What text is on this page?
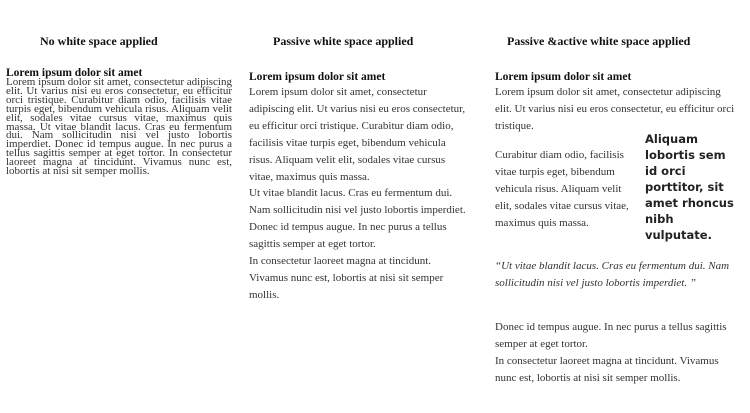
No white space applied
Lorem ipsum dolor sit amet
Lorem ipsum dolor sit amet, consectetur adipiscing elit. Ut varius nisi eu eros consectetur, eu efficitur orci tristique. Curabitur diam odio, facilisis vitae turpis eget, bibendum vehicula risus. Aliquam velit elit, sodales vitae cursus vitae, maximus quis massa. Ut vitae blandit lacus. Cras eu fermentum dui. Nam sollicitudin nisi vel justo lobortis imperdiet. Donec id tempus augue. In nec purus a tellus sagittis semper at eget tortor. In consectetur laoreet magna at tincidunt. Vivamus nunc est, lobortis at nisi sit semper mollis.
Passive white space applied
Lorem ipsum dolor sit amet
Lorem ipsum dolor sit amet, consectetur adipiscing elit. Ut varius nisi eu eros consectetur, eu efficitur orci tristique. Curabitur diam odio, facilisis vitae turpis eget, bibendum vehicula risus. Aliquam velit elit, sodales vitae cursus vitae, maximus quis massa.
Ut vitae blandit lacus. Cras eu fermentum dui. Nam sollicitudin nisi vel justo lobortis imperdiet. Donec id tempus augue. In nec purus a tellus sagittis semper at eget tortor.
In consectetur laoreet magna at tincidunt. Vivamus nunc est, lobortis at nisi sit semper mollis.
Passive &active white space applied
Lorem ipsum dolor sit amet
Lorem ipsum dolor sit amet, consectetur adipiscing elit. Ut varius nisi eu eros consectetur, eu efficitur orci tristique.
Curabitur diam odio, facilisis vitae turpis eget, bibendum vehicula risus. Aliquam velit elit, sodales vitae cursus vitae, maximus quis massa.
Aliquam lobortis sem id orci porttitor, sit amet rhoncus nibh vulputate.
“Ut vitae blandit lacus. Cras eu fermentum dui. Nam sollicitudin nisi vel justo lobortis imperdiet. ”
Donec id tempus augue. In nec purus a tellus sagittis semper at eget tortor.
In consectetur laoreet magna at tincidunt. Vivamus nunc est, lobortis at nisi sit semper mollis.
